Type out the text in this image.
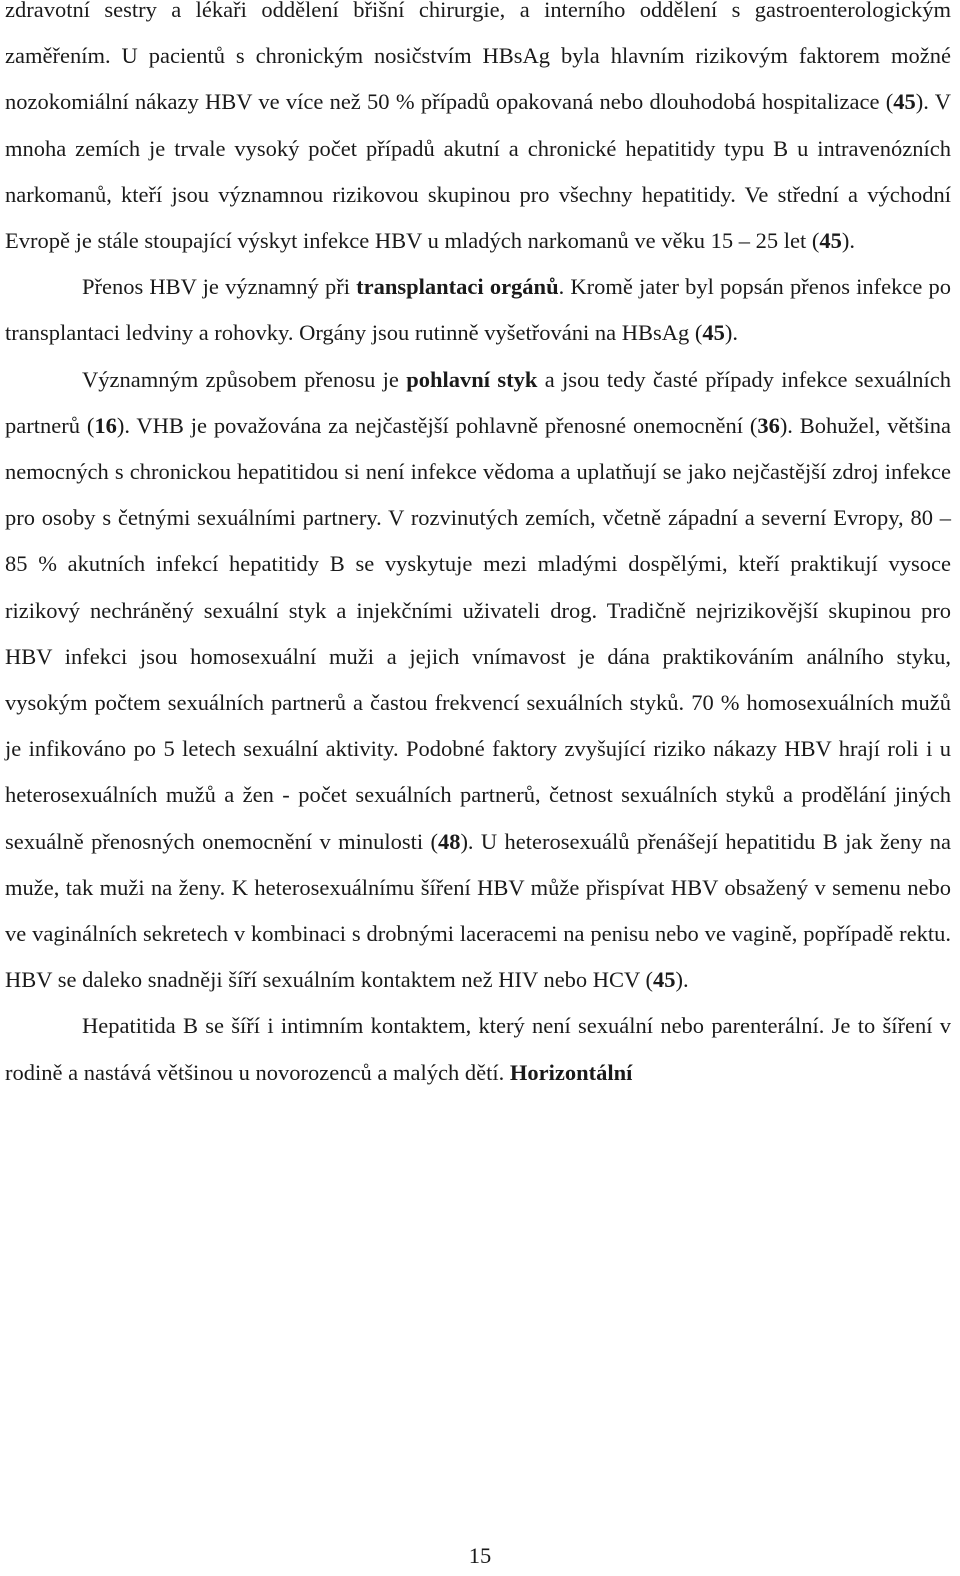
zdravotní sestry a lékaři oddělení břišní chirurgie, a interního oddělení s gastroenterologickým zaměřením. U pacientů s chronickým nosičstvím HBsAg byla hlavním rizikovým faktorem možné nozokomiální nákazy HBV ve více než 50 % případů opakovaná nebo dlouhodobá hospitalizace (45). V mnoha zemích je trvale vysoký počet případů akutní a chronické hepatitidy typu B u intravenózních narkomanů, kteří jsou významnou rizikovou skupinou pro všechny hepatitidy. Ve střední a východní Evropě je stále stoupající výskyt infekce HBV u mladých narkomanů ve věku 15 – 25 let (45).

Přenos HBV je významný při transplantaci orgánů. Kromě jater byl popsán přenos infekce po transplantaci ledviny a rohovky. Orgány jsou rutinně vyšetřováni na HBsAg (45).

Významným způsobem přenosu je pohlavní styk a jsou tedy časté případy infekce sexuálních partnerů (16). VHB je považována za nejčastější pohlavně přenosné onemocnění (36). Bohužel, většina nemocných s chronickou hepatitidou si není infekce vědoma a uplatňují se jako nejčastější zdroj infekce pro osoby s četnými sexuálními partnery. V rozvinutých zemích, včetně západní a severní Evropy, 80 – 85 % akutních infekcí hepatitidy B se vyskytuje mezi mladými dospělými, kteří praktikují vysoce rizikový nechráněný sexuální styk a injekčními uživateli drog. Tradičně nejrizikovější skupinou pro HBV infekci jsou homosexuální muži a jejich vnímavost je dána praktikováním análního styku, vysokým počtem sexuálních partnerů a častou frekvencí sexuálních styků. 70 % homosexuálních mužů je infikováno po 5 letech sexuální aktivity. Podobné faktory zvyšující riziko nákazy HBV hrají roli i u heterosexuálních mužů a žen - počet sexuálních partnerů, četnost sexuálních styků a prodělání jiných sexuálně přenosných onemocnění v minulosti (48). U heterosexuálů přenášejí hepatitidu B jak ženy na muže, tak muži na ženy. K heterosexuálnímu šíření HBV může přispívat HBV obsažený v semenu nebo ve vaginálních sekretech v kombinaci s drobnými laceracemi na penisu nebo ve vagině, popřípadě rektu. HBV se daleko snadněji šíří sexuálním kontaktem než HIV nebo HCV (45).

Hepatitida B se šíří i intimním kontaktem, který není sexuální nebo parenterální. Je to šíření v rodině a nastává většinou u novorozenců a malých dětí. Horizontální

15
